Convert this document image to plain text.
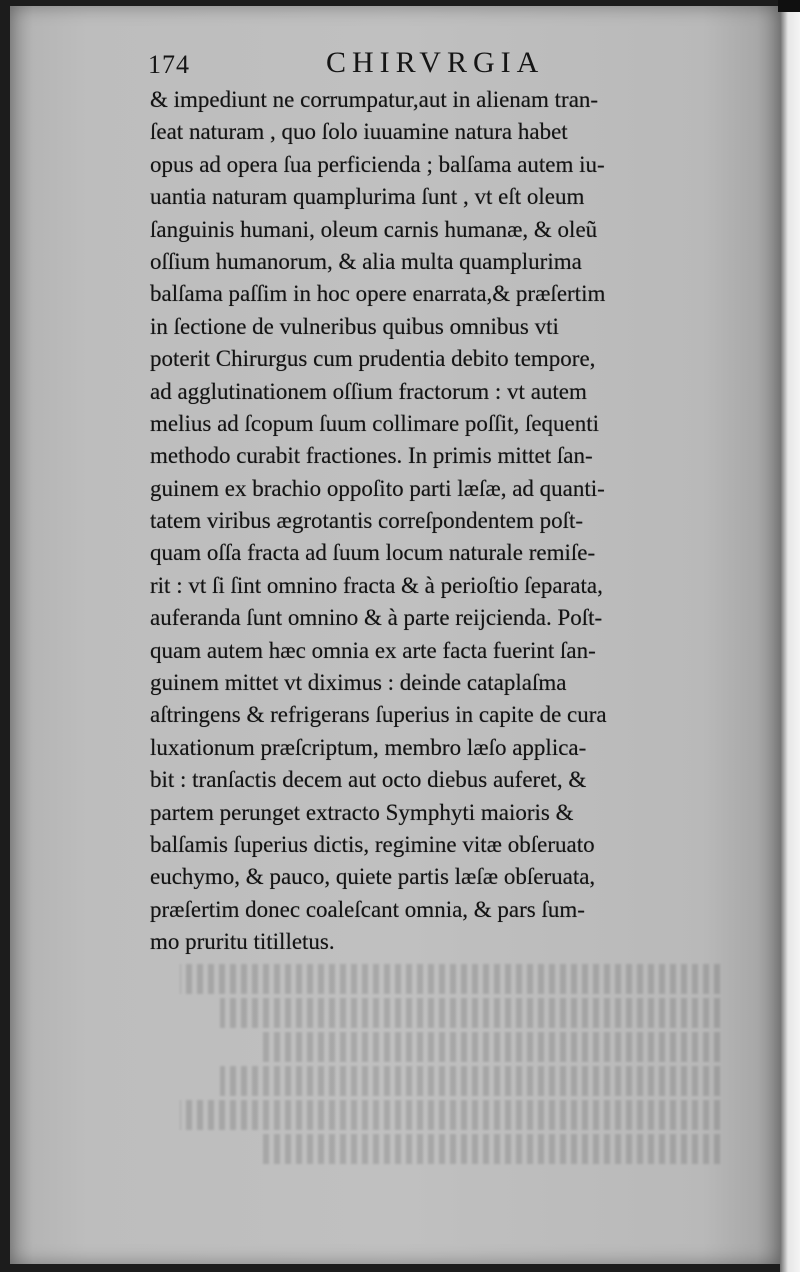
174	CHIRVRGIA
& impediunt ne corrumpatur,aut in alienam tran-
ſeat naturam , quo ſolo iuuamine natura habet
opus ad opera ſua perficienda ; balſama autem iu-
uantia naturam quamplurima ſunt , vt eſt oleum
ſanguinis humani, oleum carnis humanæ, & oleũ
oſſium humanorum, & alia multa quamplurima
balſama paſſim in hoc opere enarrata,& præſertim
in ſectione de vulneribus quibus omnibus vti
poterit Chirurgus cum prudentia debito tempore,
ad agglutinationem oſſium fractorum : vt autem
melius ad ſcopum ſuum collimare poſſit, ſequenti
methodo curabit fractiones. In primis mittet ſan-
guinem ex brachio oppoſito parti læſæ, ad quanti-
tatem viribus ægrotantis correſpondentem poſt-
quam oſſa fracta ad ſuum locum naturale remiſe-
rit : vt ſi ſint omnino fracta & à perioſtio ſeparata,
auferanda ſunt omnino & à parte reijcienda. Poſt-
quam autem hæc omnia ex arte facta fuerint ſan-
guinem mittet vt diximus : deinde cataplaſma
aſtringens & refrigerans ſuperius in capite de cura
luxationum præſcriptum, membro læſo applica-
bit : tranſactis decem aut octo diebus auferet, &
partem perunget extracto Symphyti maioris &
balſamis ſuperius dictis, regimine vitæ obſeruato
euchymo, & pauco, quiete partis læſæ obſeruata,
præſertim donec coaleſcant omnia, & pars ſum-
mo pruritu titilletus.
